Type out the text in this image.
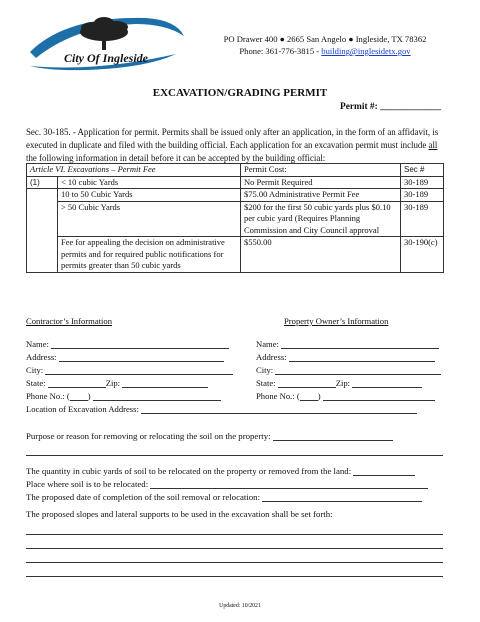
City Of Ingleside
PO Drawer 400 ● 2665 San Angelo ● Ingleside, TX 78362
Phone: 361-776-3815 - building@inglesidetx.gov
EXCAVATION/GRADING PERMIT
Permit #: _____________
Sec. 30-185. - Application for permit. Permits shall be issued only after an application, in the form of an affidavit, is executed in duplicate and filed with the building official. Each application for an excavation permit must include all the following information in detail before it can be accepted by the building official:
Article VI. Excavations – Permit Fee		Permit Cost:	Sec #
(1)	< 10 cubic Yards	No Permit Required	30-189
	10 to 50 Cubic Yards	$75.00 Administrative Permit Fee	30-189
	> 50 Cubic Yards	$200 for the first 50 cubic yards plus $0.10 per cubic yard (Requires Planning Commission and City Council approval	30-189
	Fee for appealing the decision on administrative permits and for required public notifications for permits greater than 50 cubic yards	$550.00	30-190(c)
Contractor’s Information
Name:
Address:
City:
State:	Zip:
Phone No.: ( )
Property Owner’s Information
Name:
Address:
City:
State:	Zip:
Phone No.: ( )
Location of Excavation Address:
Purpose or reason for removing or relocating the soil on the property:
The quantity in cubic yards of soil to be relocated on the property or removed from the land:
Place where soil is to be relocated:
The proposed date of completion of the soil removal or relocation:
The proposed slopes and lateral supports to be used in the excavation shall be set forth:
Updated: 10/2021
